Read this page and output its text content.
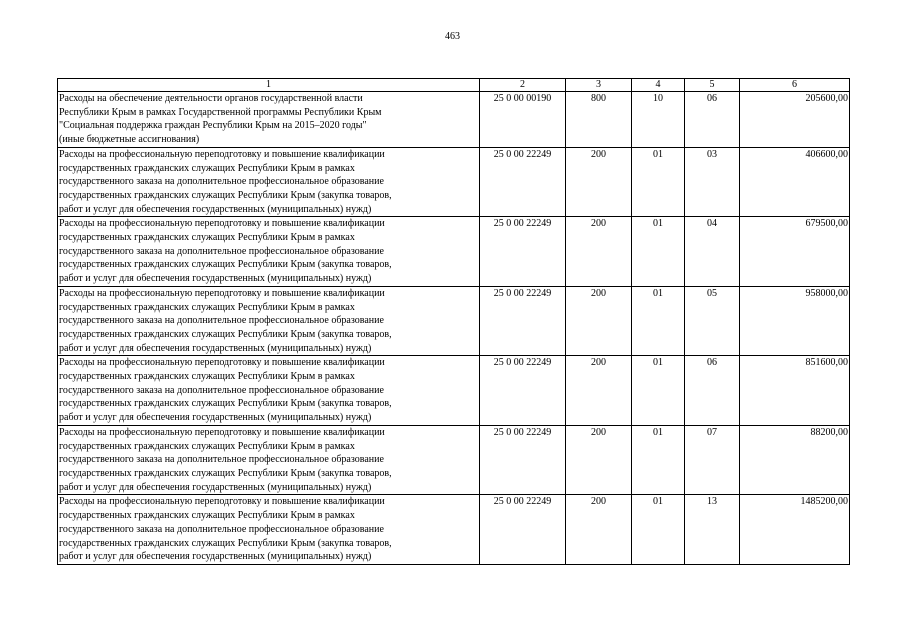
463
1	2	3	4	5	6

Расходы на обеспечение деятельности органов государственной власти
Республики Крым в рамках Государственной программы Республики Крым
"Социальная поддержка граждан Республики Крым на 2015–2020 годы"
(иные бюджетные ассигнования)	25 0 00 00190	800	10	06	205600,00

Расходы на профессиональную переподготовку и повышение квалификации
государственных гражданских служащих Республики Крым в рамках
государственного заказа на дополнительное профессиональное образование
государственных гражданских служащих Республики Крым (закупка товаров,
работ и услуг для обеспечения государственных (муниципальных) нужд)	25 0 00 22249	200	01	03	406600,00

Расходы на профессиональную переподготовку и повышение квалификации
государственных гражданских служащих Республики Крым в рамках
государственного заказа на дополнительное профессиональное образование
государственных гражданских служащих Республики Крым (закупка товаров,
работ и услуг для обеспечения государственных (муниципальных) нужд)	25 0 00 22249	200	01	04	679500,00

Расходы на профессиональную переподготовку и повышение квалификации
государственных гражданских служащих Республики Крым в рамках
государственного заказа на дополнительное профессиональное образование
государственных гражданских служащих Республики Крым (закупка товаров,
работ и услуг для обеспечения государственных (муниципальных) нужд)	25 0 00 22249	200	01	05	958000,00

Расходы на профессиональную переподготовку и повышение квалификации
государственных гражданских служащих Республики Крым в рамках
государственного заказа на дополнительное профессиональное образование
государственных гражданских служащих Республики Крым (закупка товаров,
работ и услуг для обеспечения государственных (муниципальных) нужд)	25 0 00 22249	200	01	06	851600,00

Расходы на профессиональную переподготовку и повышение квалификации
государственных гражданских служащих Республики Крым в рамках
государственного заказа на дополнительное профессиональное образование
государственных гражданских служащих Республики Крым (закупка товаров,
работ и услуг для обеспечения государственных (муниципальных) нужд)	25 0 00 22249	200	01	07	88200,00

Расходы на профессиональную переподготовку и повышение квалификации
государственных гражданских служащих Республики Крым в рамках
государственного заказа на дополнительное профессиональное образование
государственных гражданских служащих Республики Крым (закупка товаров,
работ и услуг для обеспечения государственных (муниципальных) нужд)	25 0 00 22249	200	01	13	1485200,00
